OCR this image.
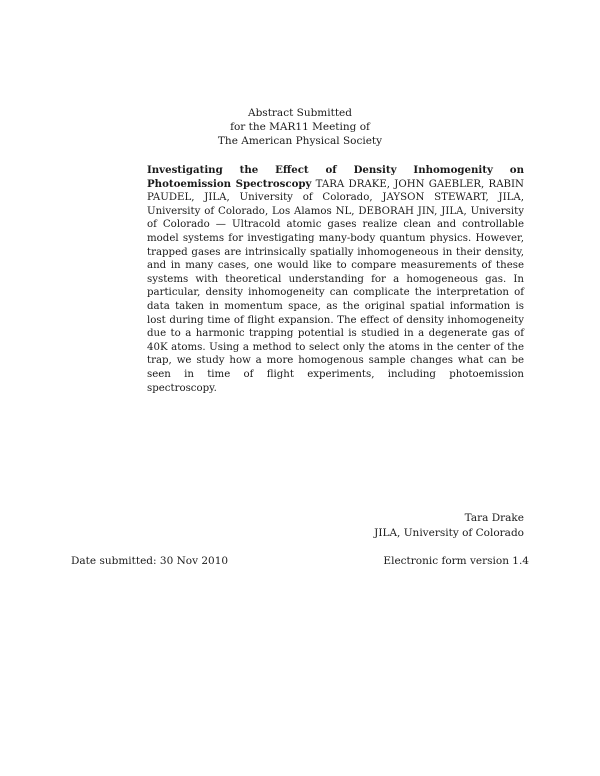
Abstract Submitted
for the MAR11 Meeting of
The American Physical Society
Investigating the Effect of Density Inhomogenity on Photoemission Spectroscopy TARA DRAKE, JOHN GAEBLER, RABIN PAUDEL, JILA, University of Colorado, JAYSON STEWART, JILA, University of Colorado, Los Alamos NL, DEBORAH JIN, JILA, University of Colorado — Ultracold atomic gases realize clean and controllable model systems for investigating many-body quantum physics. However, trapped gases are intrinsically spatially inhomogeneous in their density, and in many cases, one would like to compare measurements of these systems with theoretical understanding for a homogeneous gas. In particular, density inhomogeneity can complicate the interpretation of data taken in momentum space, as the original spatial information is lost during time of flight expansion. The effect of density inhomogeneity due to a harmonic trapping potential is studied in a degenerate gas of 40K atoms. Using a method to select only the atoms in the center of the trap, we study how a more homogenous sample changes what can be seen in time of flight experiments, including photoemission spectroscopy.
Tara Drake
JILA, University of Colorado
Date submitted: 30 Nov 2010	Electronic form version 1.4
